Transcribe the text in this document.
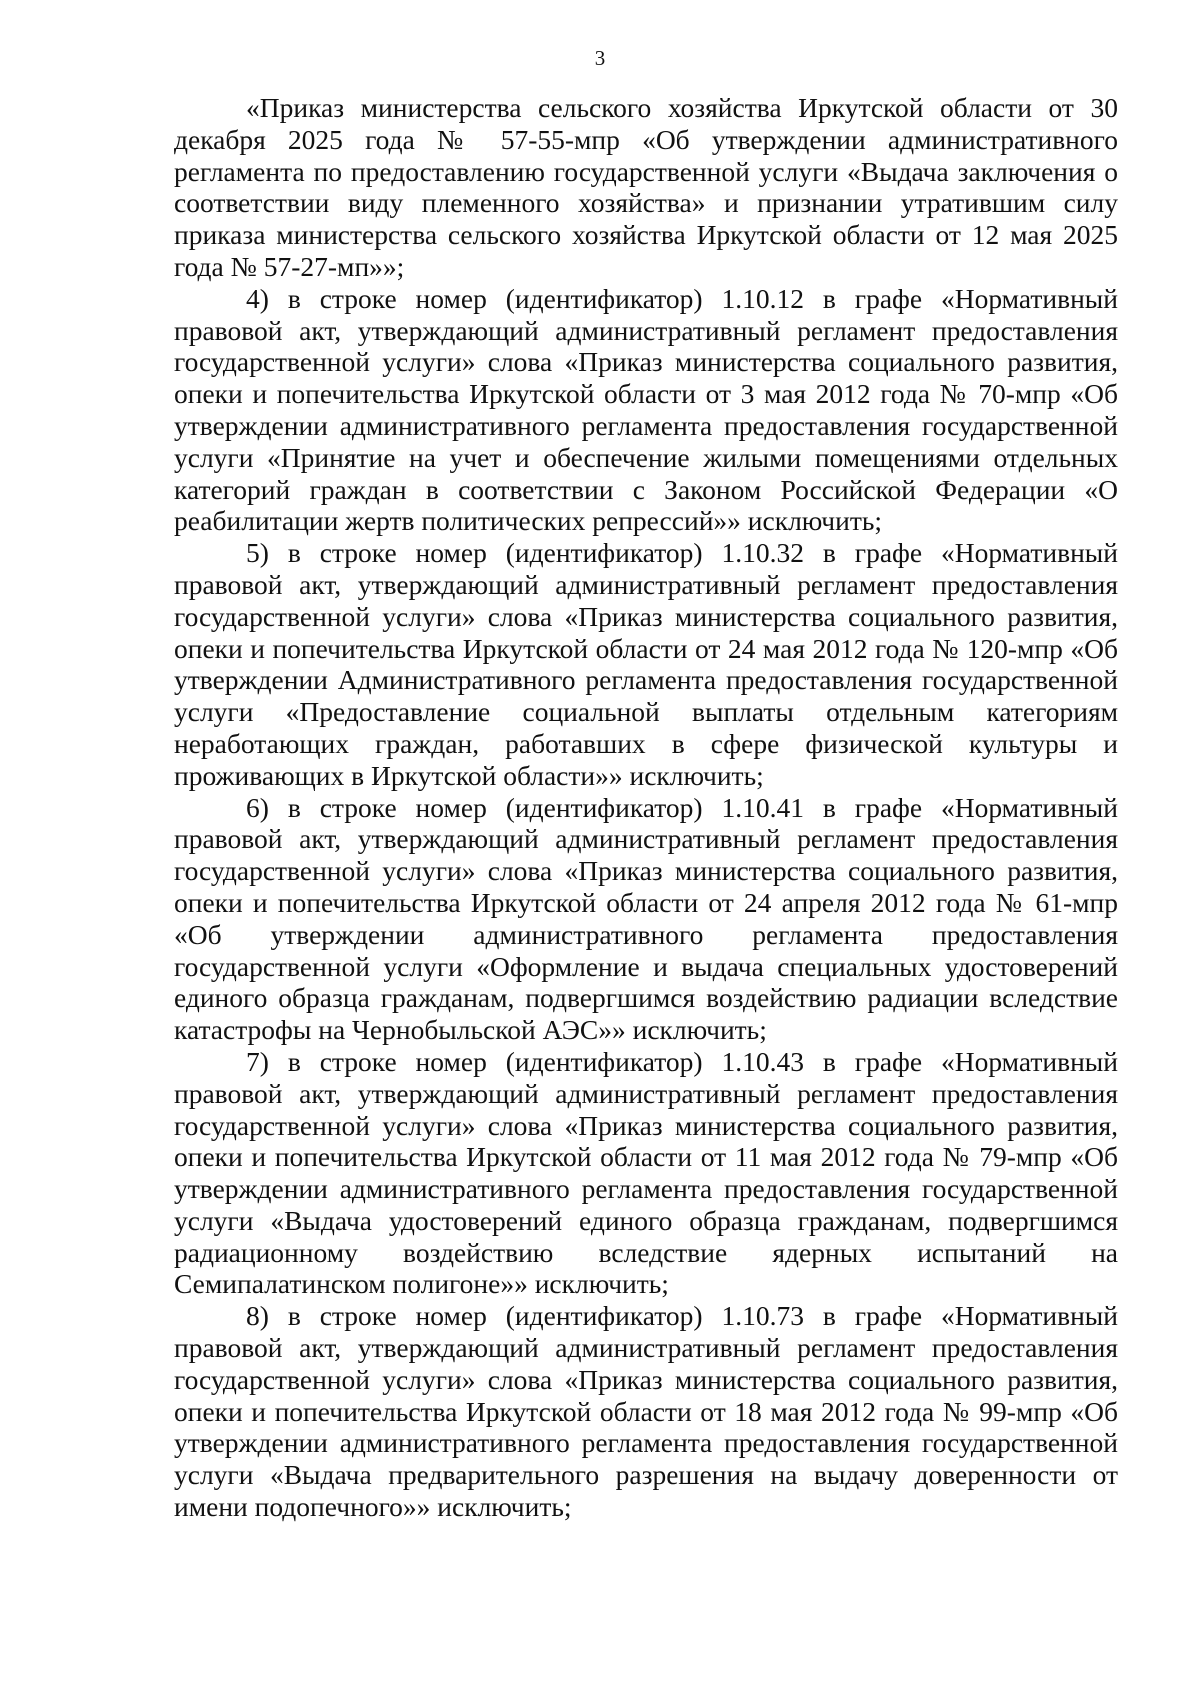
3

«Приказ министерства сельского хозяйства Иркутской области от 30 декабря 2025 года № 57-55-мпр «Об утверждении административного регламента по предоставлению государственной услуги «Выдача заключения о соответствии виду племенного хозяйства» и признании утратившим силу приказа министерства сельского хозяйства Иркутской области от 12 мая 2025 года № 57-27-мп»»;

4) в строке номер (идентификатор) 1.10.12 в графе «Нормативный правовой акт, утверждающий административный регламент предоставления государственной услуги» слова «Приказ министерства социального развития, опеки и попечительства Иркутской области от 3 мая 2012 года № 70-мпр «Об утверждении административного регламента предоставления государственной услуги «Принятие на учет и обеспечение жилыми помещениями отдельных категорий граждан в соответствии с Законом Российской Федерации «О реабилитации жертв политических репрессий»» исключить;

5) в строке номер (идентификатор) 1.10.32 в графе «Нормативный правовой акт, утверждающий административный регламент предоставления государственной услуги» слова «Приказ министерства социального развития, опеки и попечительства Иркутской области от 24 мая 2012 года № 120-мпр «Об утверждении Административного регламента предоставления государственной услуги «Предоставление социальной выплаты отдельным категориям неработающих граждан, работавших в сфере физической культуры и проживающих в Иркутской области»» исключить;

6) в строке номер (идентификатор) 1.10.41 в графе «Нормативный правовой акт, утверждающий административный регламент предоставления государственной услуги» слова «Приказ министерства социального развития, опеки и попечительства Иркутской области от 24 апреля 2012 года № 61-мпр «Об утверждении административного регламента предоставления государственной услуги «Оформление и выдача специальных удостоверений единого образца гражданам, подвергшимся воздействию радиации вследствие катастрофы на Чернобыльской АЭС»» исключить;

7) в строке номер (идентификатор) 1.10.43 в графе «Нормативный правовой акт, утверждающий административный регламент предоставления государственной услуги» слова «Приказ министерства социального развития, опеки и попечительства Иркутской области от 11 мая 2012 года № 79-мпр «Об утверждении административного регламента предоставления государственной услуги «Выдача удостоверений единого образца гражданам, подвергшимся радиационному воздействию вследствие ядерных испытаний на Семипалатинском полигоне»» исключить;

8) в строке номер (идентификатор) 1.10.73 в графе «Нормативный правовой акт, утверждающий административный регламент предоставления государственной услуги» слова «Приказ министерства социального развития, опеки и попечительства Иркутской области от 18 мая 2012 года № 99-мпр «Об утверждении административного регламента предоставления государственной услуги «Выдача предварительного разрешения на выдачу доверенности от имени подопечного»» исключить;
